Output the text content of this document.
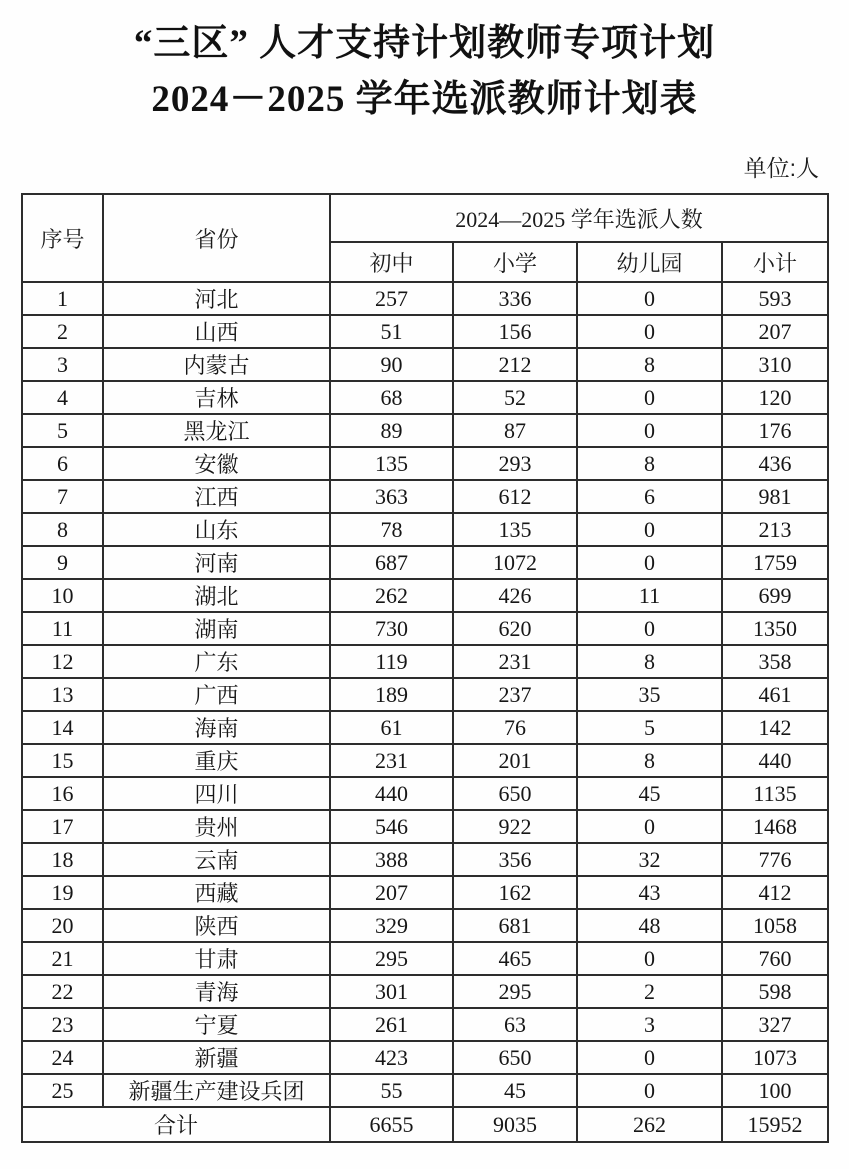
“三区” 人才支持计划教师专项计划
2024－2025 学年选派教师计划表
单位:人
序号	省份	2024—2025 学年选派人数			
		初中	小学	幼儿园	小计
1	河北	257	336	0	593
2	山西	51	156	0	207
3	内蒙古	90	212	8	310
4	吉林	68	52	0	120
5	黑龙江	89	87	0	176
6	安徽	135	293	8	436
7	江西	363	612	6	981
8	山东	78	135	0	213
9	河南	687	1072	0	1759
10	湖北	262	426	11	699
11	湖南	730	620	0	1350
12	广东	119	231	8	358
13	广西	189	237	35	461
14	海南	61	76	5	142
15	重庆	231	201	8	440
16	四川	440	650	45	1135
17	贵州	546	922	0	1468
18	云南	388	356	32	776
19	西藏	207	162	43	412
20	陕西	329	681	48	1058
21	甘肃	295	465	0	760
22	青海	301	295	2	598
23	宁夏	261	63	3	327
24	新疆	423	650	0	1073
25	新疆生产建设兵团	55	45	0	100
合计		6655	9035	262	15952
